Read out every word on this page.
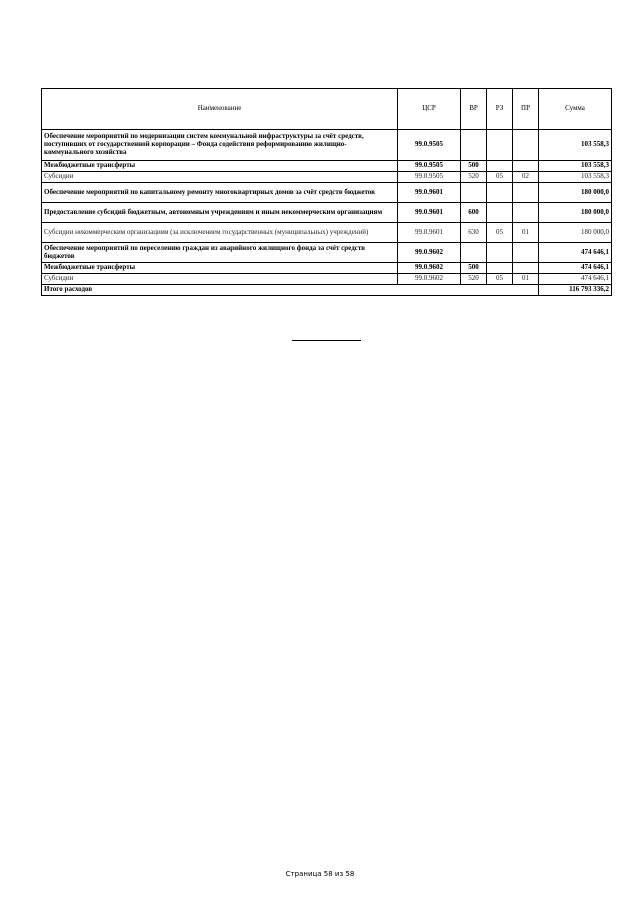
Наименование	ЦСР	ВР	РЗ	ПР	Сумма
Обеспечение мероприятий по модернизации систем коммунальной инфраструктуры за счёт средств, поступивших от государственной корпорации – Фонда содействия реформированию жилищно-коммунального хозяйства	99.0.9505				103 558,3
Межбюджетные трансферты	99.0.9505	500			103 558,3
Субсидии	99.0.9505	520	05	02	103 558,3
Обеспечение мероприятий по капитальному ремонту многоквартирных домов за счёт средств бюджетов	99.0.9601				180 000,0
Предоставление субсидий бюджетным, автономным учреждениям и иным некоммерческим организациям	99.0.9601	600			180 000,0
Субсидии некоммерческим организациям (за исключением государственных (муниципальных) учреждений)	99.0.9601	630	05	01	180 000,0
Обеспечение мероприятий по переселению граждан из аварийного жилищного фонда за счёт средств бюджетов	99.0.9602				474 646,1
Межбюджетные трансферты	99.0.9602	500			474 646,1
Субсидии	99.0.9602	520	05	01	474 646,1
Итого расходов					116 793 336,2
Страница 58 из 58
